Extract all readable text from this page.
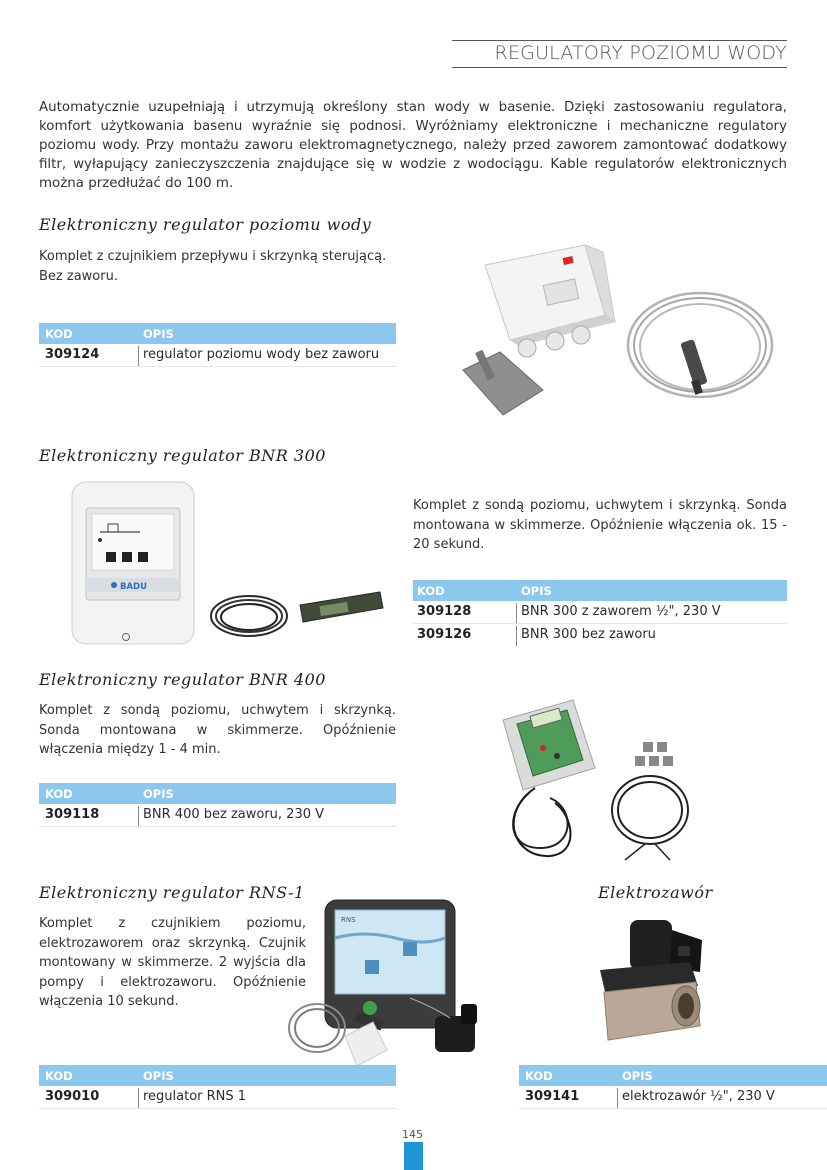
REGULATORY POZIOMU WODY
Automatycznie uzupełniają i utrzymują określony stan wody w basenie. Dzięki zastosowaniu regulatora, komfort użytkowania basenu wyraźnie się podnosi. Wyróżniamy elektroniczne i mechaniczne regulatory poziomu wody. Przy montażu zaworu elektromagnetycznego, należy przed zaworem zamontować dodatkowy filtr, wyłapujący zanieczyszczenia znajdujące się w wodzie z wodociągu. Kable regulatorów elektronicznych można przedłużać do 100 m.
Elektroniczny regulator poziomu wody
Komplet z czujnikiem przepływu i skrzynką sterującą. Bez zaworu.
KOD	OPIS
309124	regulator poziomu wody bez zaworu
Elektroniczny regulator BNR 300
BADU
Komplet z sondą poziomu, uchwytem i skrzynką. Sonda montowana w skimmerze. Opóźnienie włączenia ok. 15 - 20 sekund.
KOD	OPIS
309128	BNR 300 z zaworem ½", 230 V
309126	BNR 300 bez zaworu
Elektroniczny regulator BNR 400
Komplet z sondą poziomu, uchwytem i skrzynką. Sonda montowana w skimmerze. Opóźnienie włączenia między 1 - 4 min.
KOD	OPIS
309118	BNR 400 bez zaworu, 230 V
Elektroniczny regulator RNS-1
Komplet z czujnikiem poziomu, elektrozaworem oraz skrzynką. Czujnik montowany w skimmerze. 2 wyjścia dla pompy i elektrozaworu. Opóźnienie włączenia 10 sekund.
RNS
KOD	OPIS
309010	regulator RNS 1
Elektrozawór
KOD	OPIS
309141	elektrozawór ½", 230 V
145
